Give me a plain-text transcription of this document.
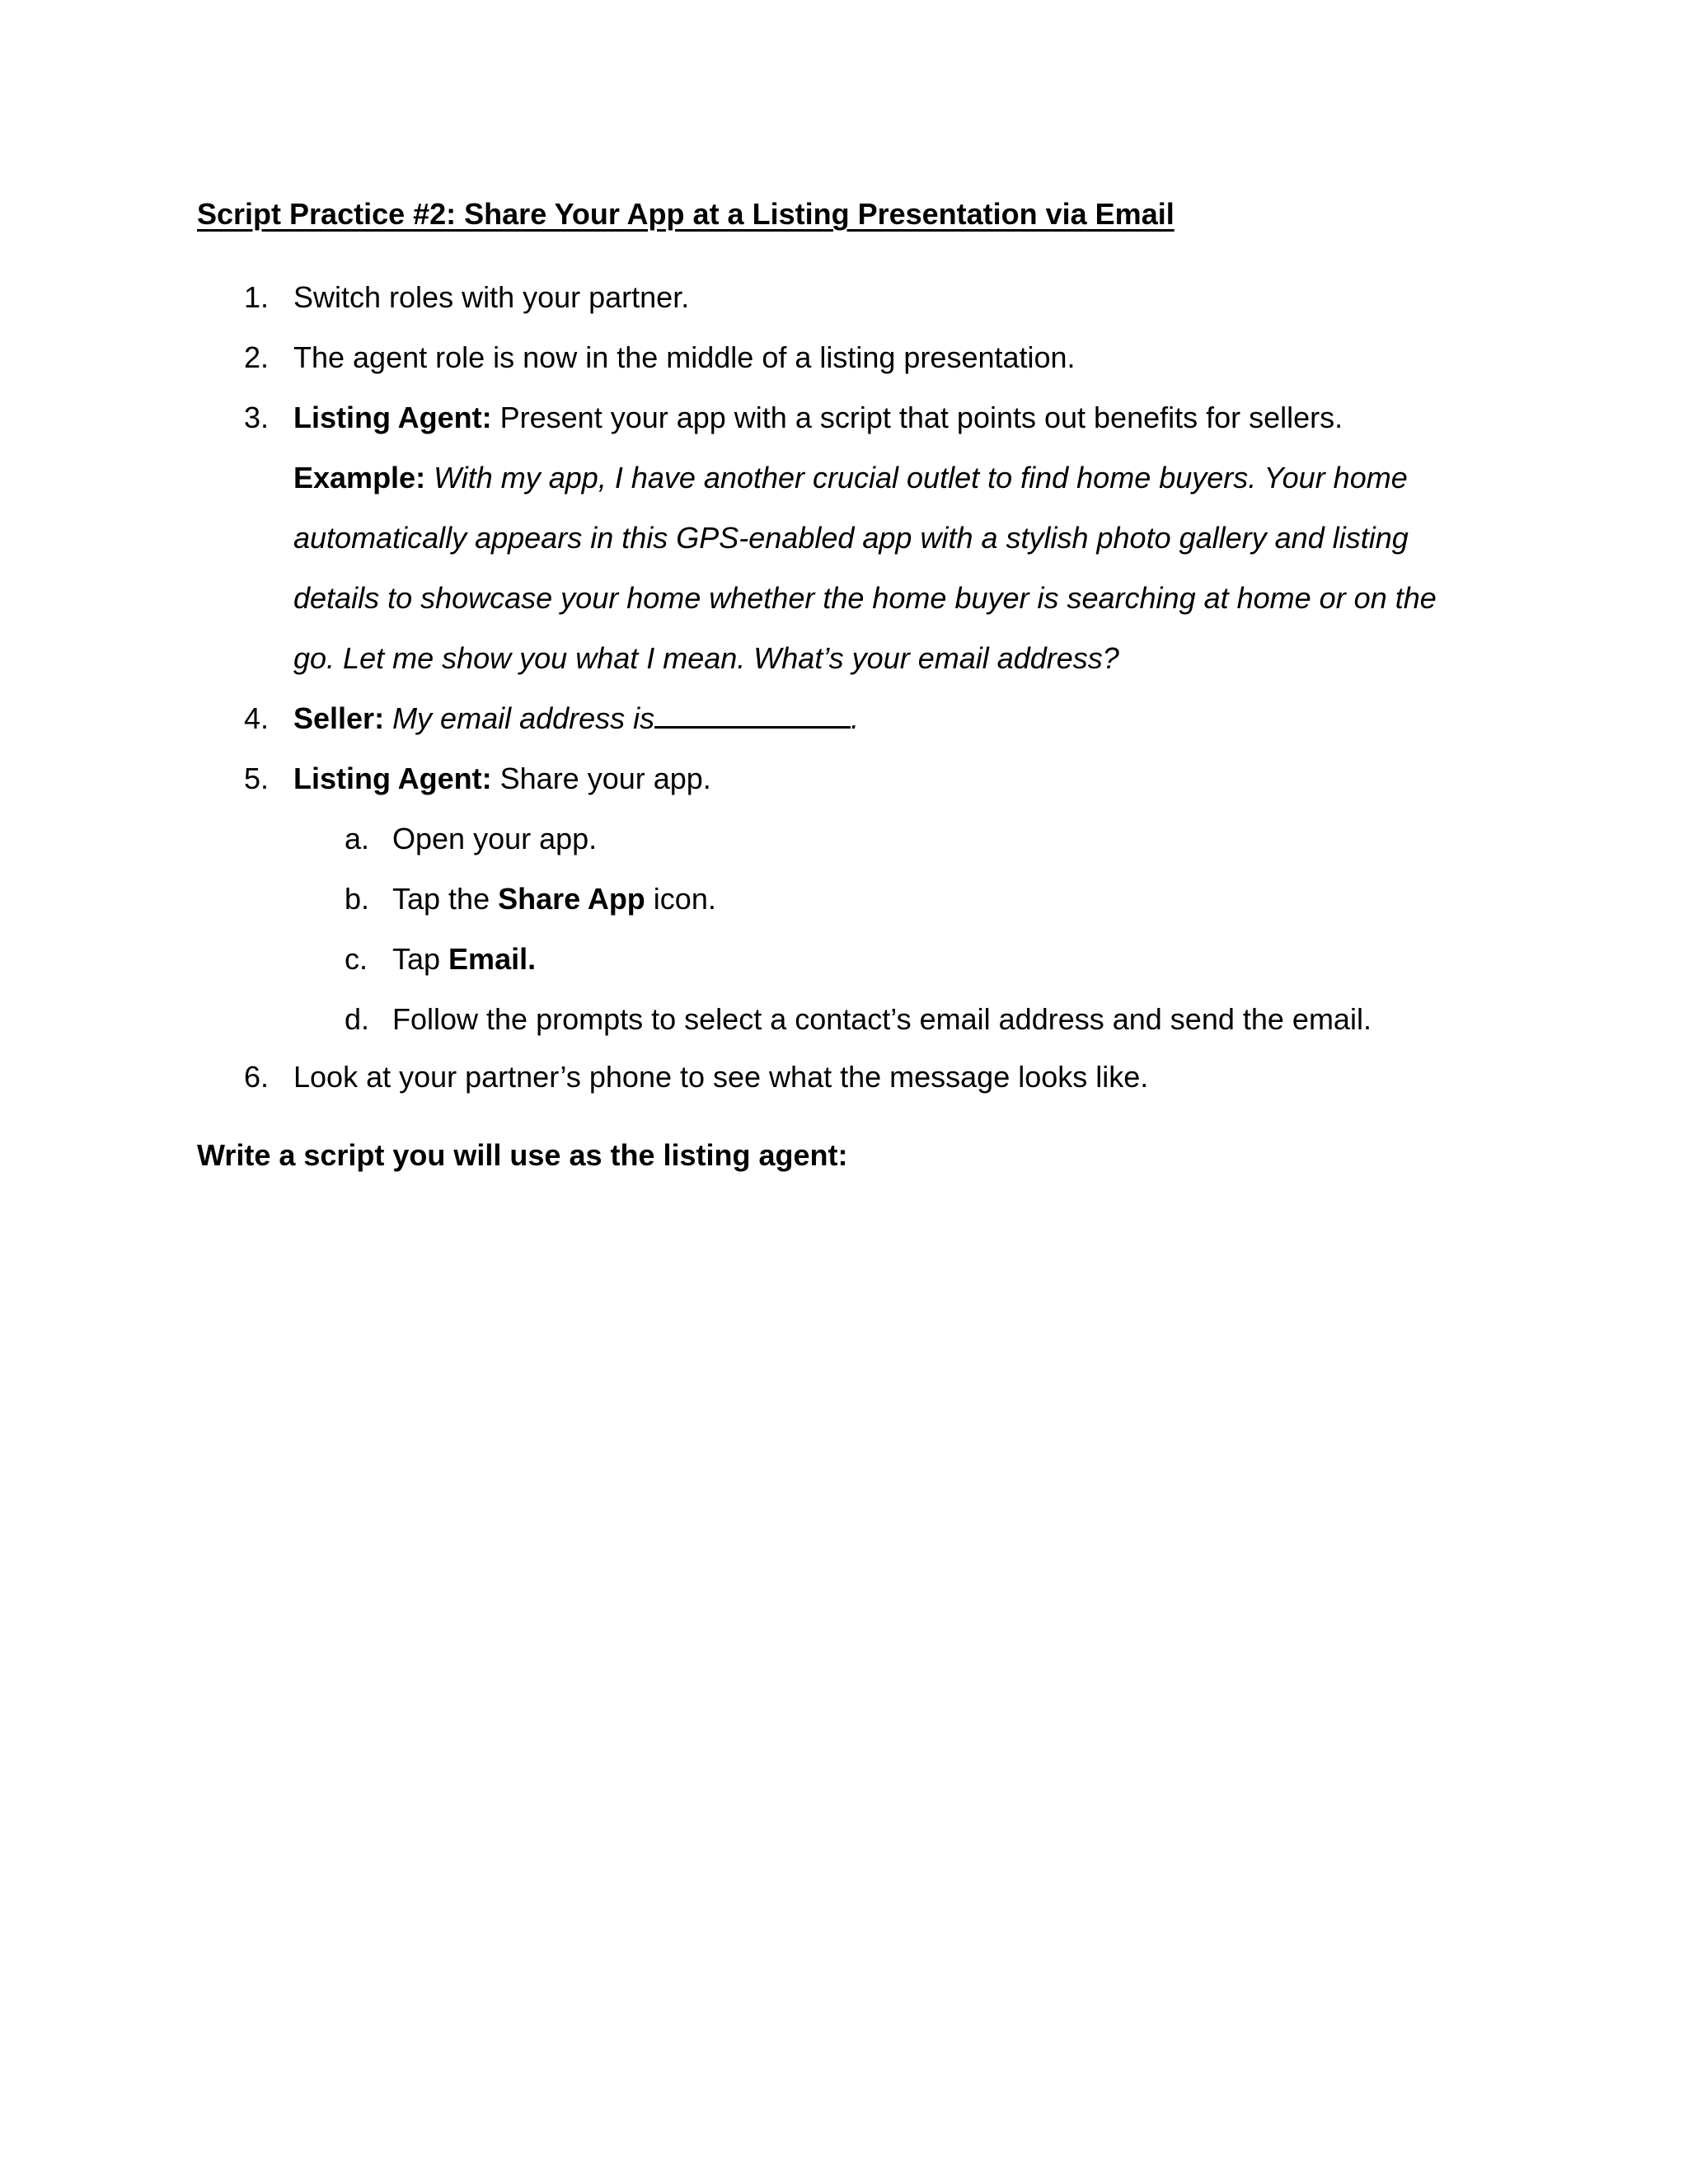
Script Practice #2: Share Your App at a Listing Presentation via Email
1. Switch roles with your partner.
2. The agent role is now in the middle of a listing presentation.
3. Listing Agent: Present your app with a script that points out benefits for sellers.
Example: With my app, I have another crucial outlet to find home buyers. Your home
automatically appears in this GPS-enabled app with a stylish photo gallery and listing
details to showcase your home whether the home buyer is searching at home or on the
go. Let me show you what I mean. What’s your email address?
4. Seller: My email address is	.
5. Listing Agent: Share your app.
a. Open your app.
b. Tap the Share App icon.
c. Tap Email.
d. Follow the prompts to select a contact’s email address and send the email.
6. Look at your partner’s phone to see what the message looks like.
Write a script you will use as the listing agent:
